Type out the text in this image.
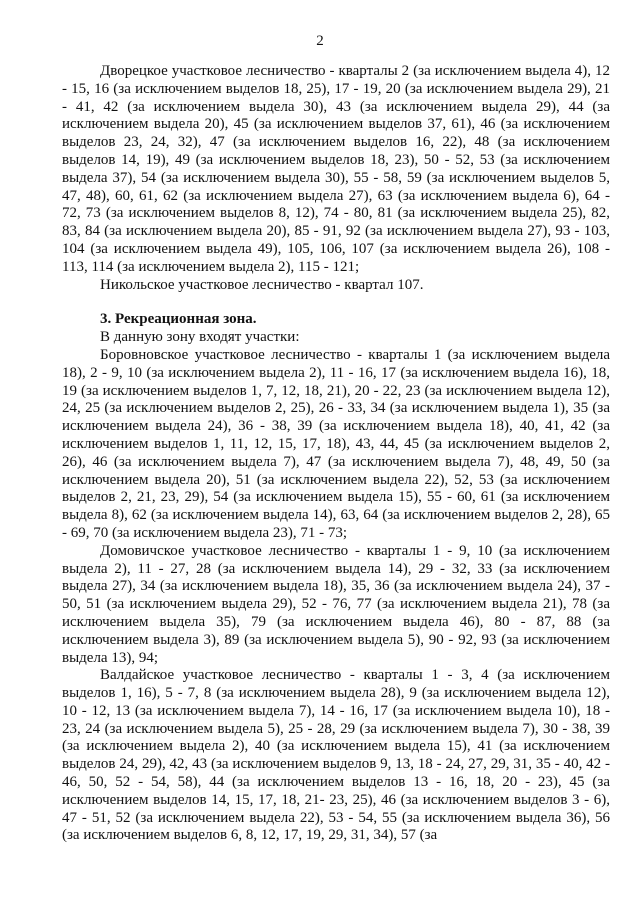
2

Дворецкое участковое лесничество - кварталы 2 (за исключением выдела 4), 12 - 15, 16 (за исключением выделов 18, 25), 17 - 19, 20 (за исключением выдела 29), 21 - 41, 42 (за исключением выдела 30), 43 (за исключением выдела 29), 44 (за исключением выдела 20), 45 (за исключением выделов 37, 61), 46 (за исключением выделов 23, 24, 32), 47 (за исключением выделов 16, 22), 48 (за исключением выделов 14, 19), 49 (за исключением выделов 18, 23), 50 - 52, 53 (за исключением выдела 37), 54 (за исключением выдела 30), 55 - 58, 59 (за исключением выделов 5, 47, 48), 60, 61, 62 (за исключением выдела 27), 63 (за исключением выдела 6), 64 - 72, 73 (за исключением выделов 8, 12), 74 - 80, 81 (за исключением выдела 25), 82, 83, 84 (за исключением выдела 20), 85 - 91, 92 (за исключением выдела 27), 93 - 103, 104 (за исключением выдела 49), 105, 106, 107 (за исключением выдела 26), 108 - 113, 114 (за исключением выдела 2), 115 - 121;

Никольское участковое лесничество - квартал 107.

3. Рекреационная зона.

В данную зону входят участки:

Боровновское участковое лесничество - кварталы 1 (за исключением выдела 18), 2 - 9, 10 (за исключением выдела 2), 11 - 16, 17 (за исключением выдела 16), 18, 19 (за исключением выделов 1, 7, 12, 18, 21), 20 - 22, 23 (за исключением выдела 12), 24, 25 (за исключением выделов 2, 25), 26 - 33, 34 (за исключением выдела 1), 35 (за исключением выдела 24), 36 - 38, 39 (за исключением выдела 18), 40, 41, 42 (за исключением выделов 1, 11, 12, 15, 17, 18), 43, 44, 45 (за исключением выделов 2, 26), 46 (за исключением выдела 7), 47 (за исключением выдела 7), 48, 49, 50 (за исключением выдела 20), 51 (за исключением выдела 22), 52, 53 (за исключением выделов 2, 21, 23, 29), 54 (за исключением выдела 15), 55 - 60, 61 (за исключением выдела 8), 62 (за исключением выдела 14), 63, 64 (за исключением выделов 2, 28), 65 - 69, 70 (за исключением выдела 23), 71 - 73;

Домовичское участковое лесничество - кварталы 1 - 9, 10 (за исключением выдела 2), 11 - 27, 28 (за исключением выдела 14), 29 - 32, 33 (за исключением выдела 27), 34 (за исключением выдела 18), 35, 36 (за исключением выдела 24), 37 - 50, 51 (за исключением выдела 29), 52 - 76, 77 (за исключением выдела 21), 78 (за исключением выдела 35), 79 (за исключением выдела 46), 80 - 87, 88 (за исключением выдела 3), 89 (за исключением выдела 5), 90 - 92, 93 (за исключением выдела 13), 94;

Валдайское участковое лесничество - кварталы 1 - 3, 4 (за исключением выделов 1, 16), 5 - 7, 8 (за исключением выдела 28), 9 (за исключением выдела 12), 10 - 12, 13 (за исключением выдела 7), 14 - 16, 17 (за исключением выдела 10), 18 - 23, 24 (за исключением выдела 5), 25 - 28, 29 (за исключением выдела 7), 30 - 38, 39 (за исключением выдела 2), 40 (за исключением выдела 15), 41 (за исключением выделов 24, 29), 42, 43 (за исключением выделов 9, 13, 18 - 24, 27, 29, 31, 35 - 40, 42 - 46, 50, 52 - 54, 58), 44 (за исключением выделов 13 - 16, 18, 20 - 23), 45 (за исключением выделов 14, 15, 17, 18, 21- 23, 25), 46 (за исключением выделов 3 - 6), 47 - 51, 52 (за исключением выдела 22), 53 - 54, 55 (за исключением выдела 36), 56 (за исключением выделов 6, 8, 12, 17, 19, 29, 31, 34), 57 (за
